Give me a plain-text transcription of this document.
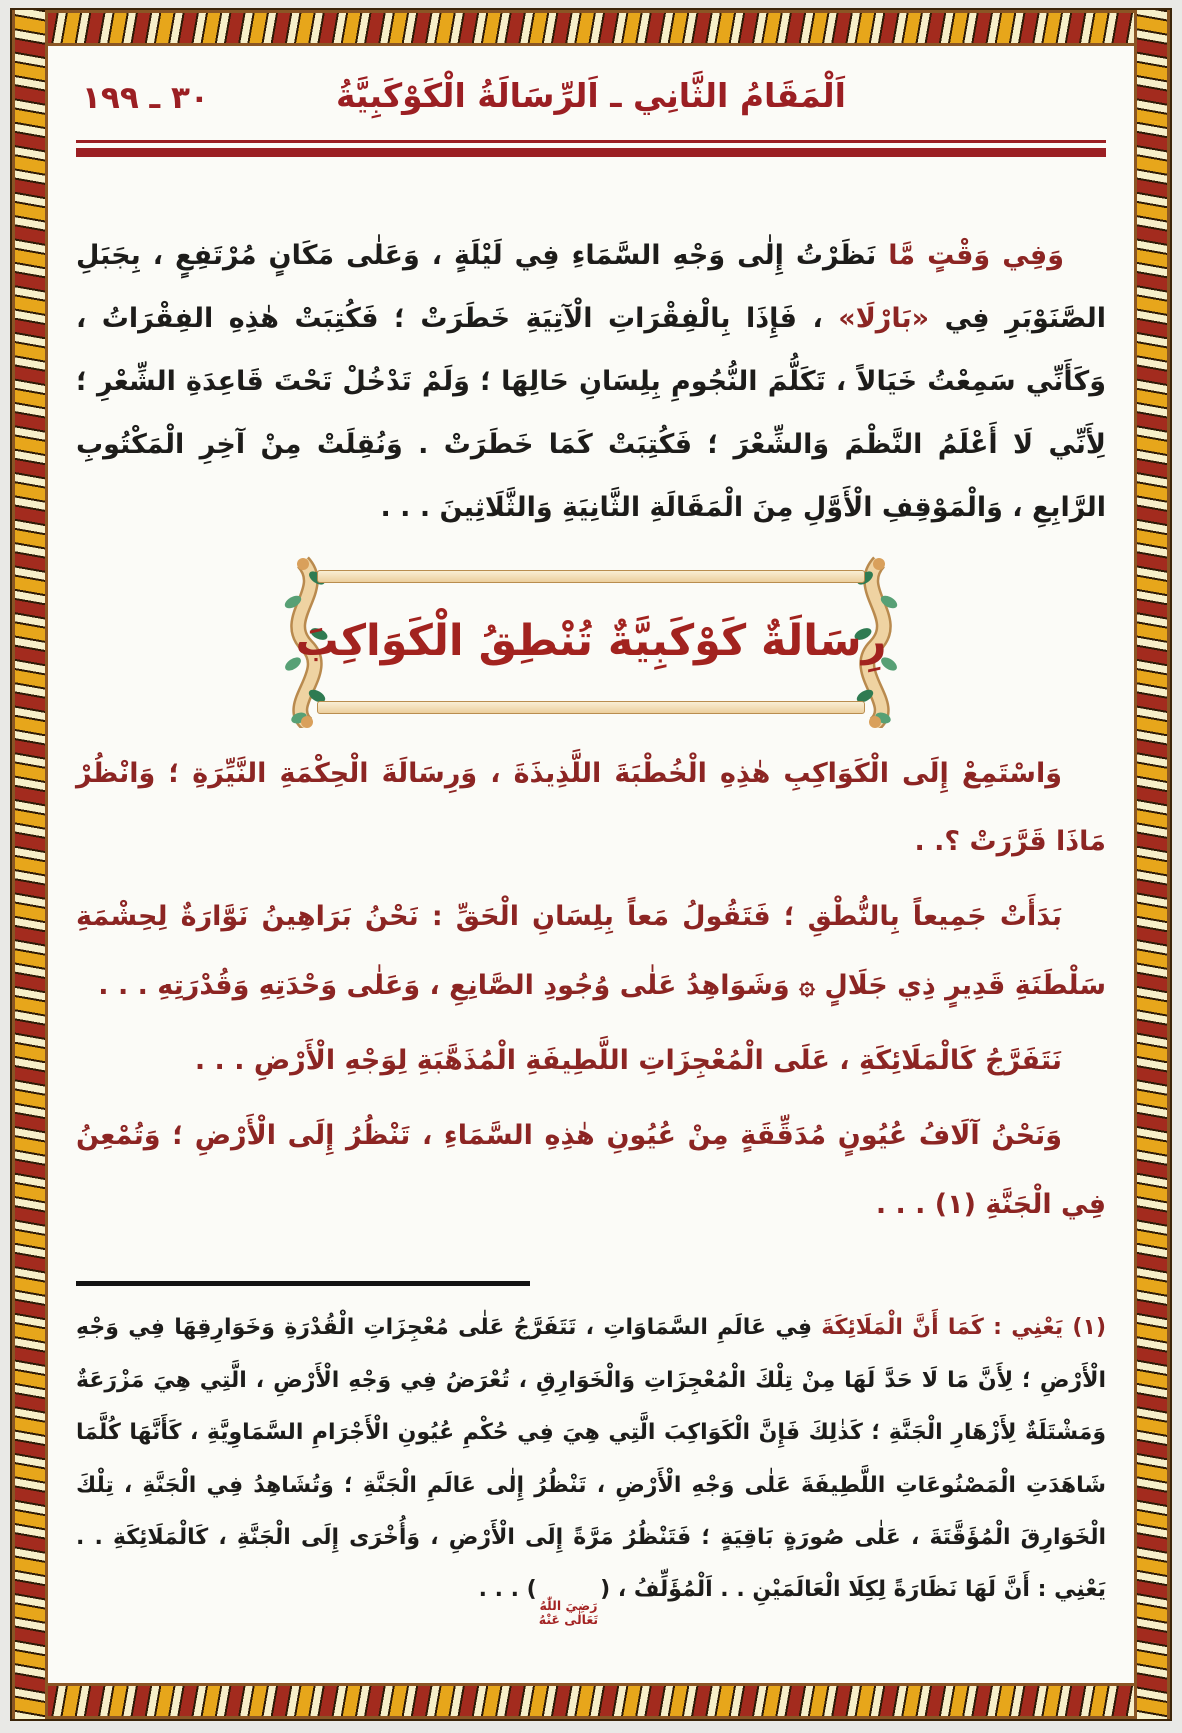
٣٠ ـ ١٩٩	اَلْمَقَامُ الثَّانِي ـ اَلرِّسَالَةُ الْكَوْكَبِيَّةُ

وَفِي وَقْتٍ مَّا نَظَرْتُ إِلٰى وَجْهِ السَّمَاءِ فِي لَيْلَةٍ ، وَعَلٰى مَكَانٍ مُرْتَفِعٍ ، بِجَبَلِ الصَّنَوْبَرِ فِي «بَارْلَا» ، فَإِذَا بِالْفِقْرَاتِ الْآتِيَةِ خَطَرَتْ ؛ فَكُتِبَتْ هٰذِهِ الفِقْرَاتُ ، وَكَأَنِّي سَمِعْتُ خَيَالاً ، تَكَلُّمَ النُّجُومِ بِلِسَانِ حَالِهَا ؛ وَلَمْ تَدْخُلْ تَحْتَ قَاعِدَةِ الشِّعْرِ ؛ لِأَنِّي لَا أَعْلَمُ النَّظْمَ وَالشِّعْرَ ؛ فَكُتِبَتْ كَمَا خَطَرَتْ . وَنُقِلَتْ مِنْ آخِرِ الْمَكْتُوبِ الرَّابِعِ ، وَالْمَوْقِفِ الْأَوَّلِ مِنَ الْمَقَالَةِ الثَّانِيَةِ وَالثَّلَاثِينَ . . .

رِسَالَةٌ كَوْكَبِيَّةٌ تُنْطِقُ الْكَوَاكِبَ

وَاسْتَمِعْ إِلَى الْكَوَاكِبِ هٰذِهِ الْخُطْبَةَ اللَّذِيذَةَ ، وَرِسَالَةَ الْحِكْمَةِ النَّيِّرَةِ ؛ وَانْظُرْ مَاذَا قَرَّرَتْ ؟. .

بَدَأَتْ جَمِيعاً بِالنُّطْقِ ؛ فَتَقُولُ مَعاً بِلِسَانِ الْحَقِّ : نَحْنُ بَرَاهِينُ نَوَّارَةٌ لِحِشْمَةِ سَلْطَنَةِ قَدِيرٍ ذِي جَلَالٍ ۞ وَشَوَاهِدُ عَلٰى وُجُودِ الصَّانِعِ ، وَعَلٰى وَحْدَتِهِ وَقُدْرَتِهِ . . .

نَتَفَرَّجُ كَالْمَلَائِكَةِ ، عَلَى الْمُعْجِزَاتِ اللَّطِيفَةِ الْمُذَهَّبَةِ لِوَجْهِ الْأَرْضِ . . .

وَنَحْنُ آلَافُ عُيُونٍ مُدَقِّقَةٍ مِنْ عُيُونِ هٰذِهِ السَّمَاءِ ، تَنْظُرُ إِلَى الْأَرْضِ ؛ وَتُمْعِنُ فِي الْجَنَّةِ (١) . . .

(١) يَعْنِي : كَمَا أَنَّ الْمَلَائِكَةَ فِي عَالَمِ السَّمَاوَاتِ ، تَتَفَرَّجُ عَلٰى مُعْجِزَاتِ الْقُدْرَةِ وَخَوَارِقِهَا فِي وَجْهِ الْأَرْضِ ؛ لِأَنَّ مَا لَا حَدَّ لَهَا مِنْ تِلْكَ الْمُعْجِزَاتِ وَالْخَوَارِقِ ، تُعْرَضُ فِي وَجْهِ الْأَرْضِ ، الَّتِي هِيَ مَزْرَعَةٌ وَمَشْتَلَةٌ لِأَزْهَارِ الْجَنَّةِ ؛ كَذٰلِكَ فَإِنَّ الْكَوَاكِبَ الَّتِي هِيَ فِي حُكْمِ عُيُونِ الْأَجْرَامِ السَّمَاوِيَّةِ ، كَأَنَّهَا كُلَّمَا شَاهَدَتِ الْمَصْنُوعَاتِ اللَّطِيفَةَ عَلٰى وَجْهِ الْأَرْضِ ، تَنْظُرُ إِلٰى عَالَمِ الْجَنَّةِ ؛ وَتُشَاهِدُ فِي الْجَنَّةِ ، تِلْكَ الْخَوَارِقَ الْمُؤَقَّتَةَ ، عَلٰى صُورَةٍ بَاقِيَةٍ ؛ فَتَنْظُرُ مَرَّةً إِلَى الْأَرْضِ ، وَأُخْرَى إِلَى الْجَنَّةِ ، كَالْمَلَائِكَةِ . . يَعْنِي : أَنَّ لَهَا نَظَارَةً لِكِلَا الْعَالَمَيْنِ . . اَلْمُؤَلِّفُ ، (
رَضِيَ اللّٰهُ
تَعَالٰى عَنْهُ
) . . .
